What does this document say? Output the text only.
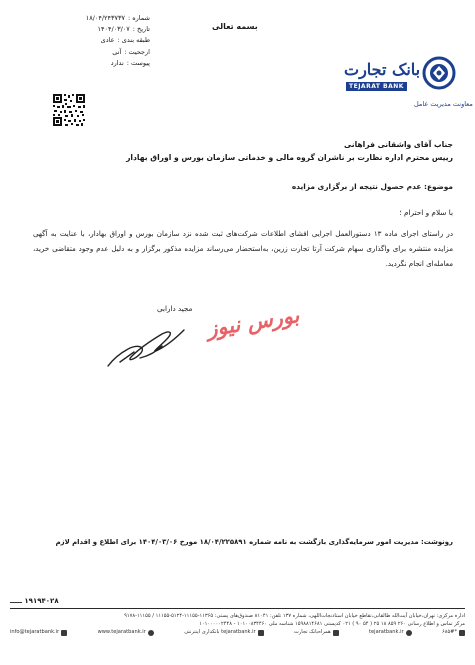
بسمه تعالی
شماره :
۱۸/۰۴/۲۴۳۷۳۷
تاریخ :
۱۴۰۴/۰۳/۰۷
طبقه بندی :
عادی
ارجحیت :
آنی
پیوست :
ندارد	بانک تجارت
TEJARAT BANK
معاونت مدیریت عامل
جناب آقای واشقانی فراهانی
رییس محترم اداره نظارت بر ناشران گروه مالی و خدماتی سازمان بورس و اوراق بهادار
موضوع: عدم حصول نتیجه از برگزاری مزایده
با سلام و احترام ؛
در راستای اجرای ماده ۱۳ دستورالعمل اجرایی افشای اطلاعات شرکت‌های ثبت شده نزد سازمان بورس و اوراق بهادار، با عنایت به آگهی مزایده منتشره برای واگذاری سهام شرکت آرتا تجارت زرین، به‌استحضار می‌رساند مزایده مذکور برگزار و به دلیل عدم وجود متقاضی خرید، معامله‌ای انجام نگردید.
مجید دارابی بورس نیوز
رونوشت: مدیریت امور سرمایه‌گذاری بازگشت به نامه شماره ۱۸/۰۴/۲۲۵۸۹۱ مورخ ۱۴۰۴/۰۳/۰۶ برای اطلاع و اقدام لازم
۱۹۱۹۴۰۲۸ ـــــ
اداره مرکزی: تهران،خیابان آیت‌الله طالقانی،تقاطع خیابان استاد‌نجات‌اللهی، شماره ۱۳۷ تلفن: ۸۱۰۴۱ صندوق‌های پستی: ۱۱۳۶۵-۱۱۱۵۵-۵۱۲۴-۱۱۱۵۵ / ۱۱۱۵۵-۹۱۷۸
مرکز تماس و اطلاع رسانی ۲۶۰ ۸۵۹ ۱۸ ۲۵ ( ۵۴ ۹۰ ) ۰۲۱ کدپستی ۱۵۹۸۸۱۴۶۸۱ شناسه ملی ۱۰۱۰۰۸۳۴۴۶۰ - ۱۰۱۰۰۰۰۰۲۴۴۸
*۶۸۵#
tejaratbank.ir
همراه‌بانک تجارت
tejaratbank.ir بانکداری اینترنتی
www.tejaratbank.ir
info@tejaratbank.ir
